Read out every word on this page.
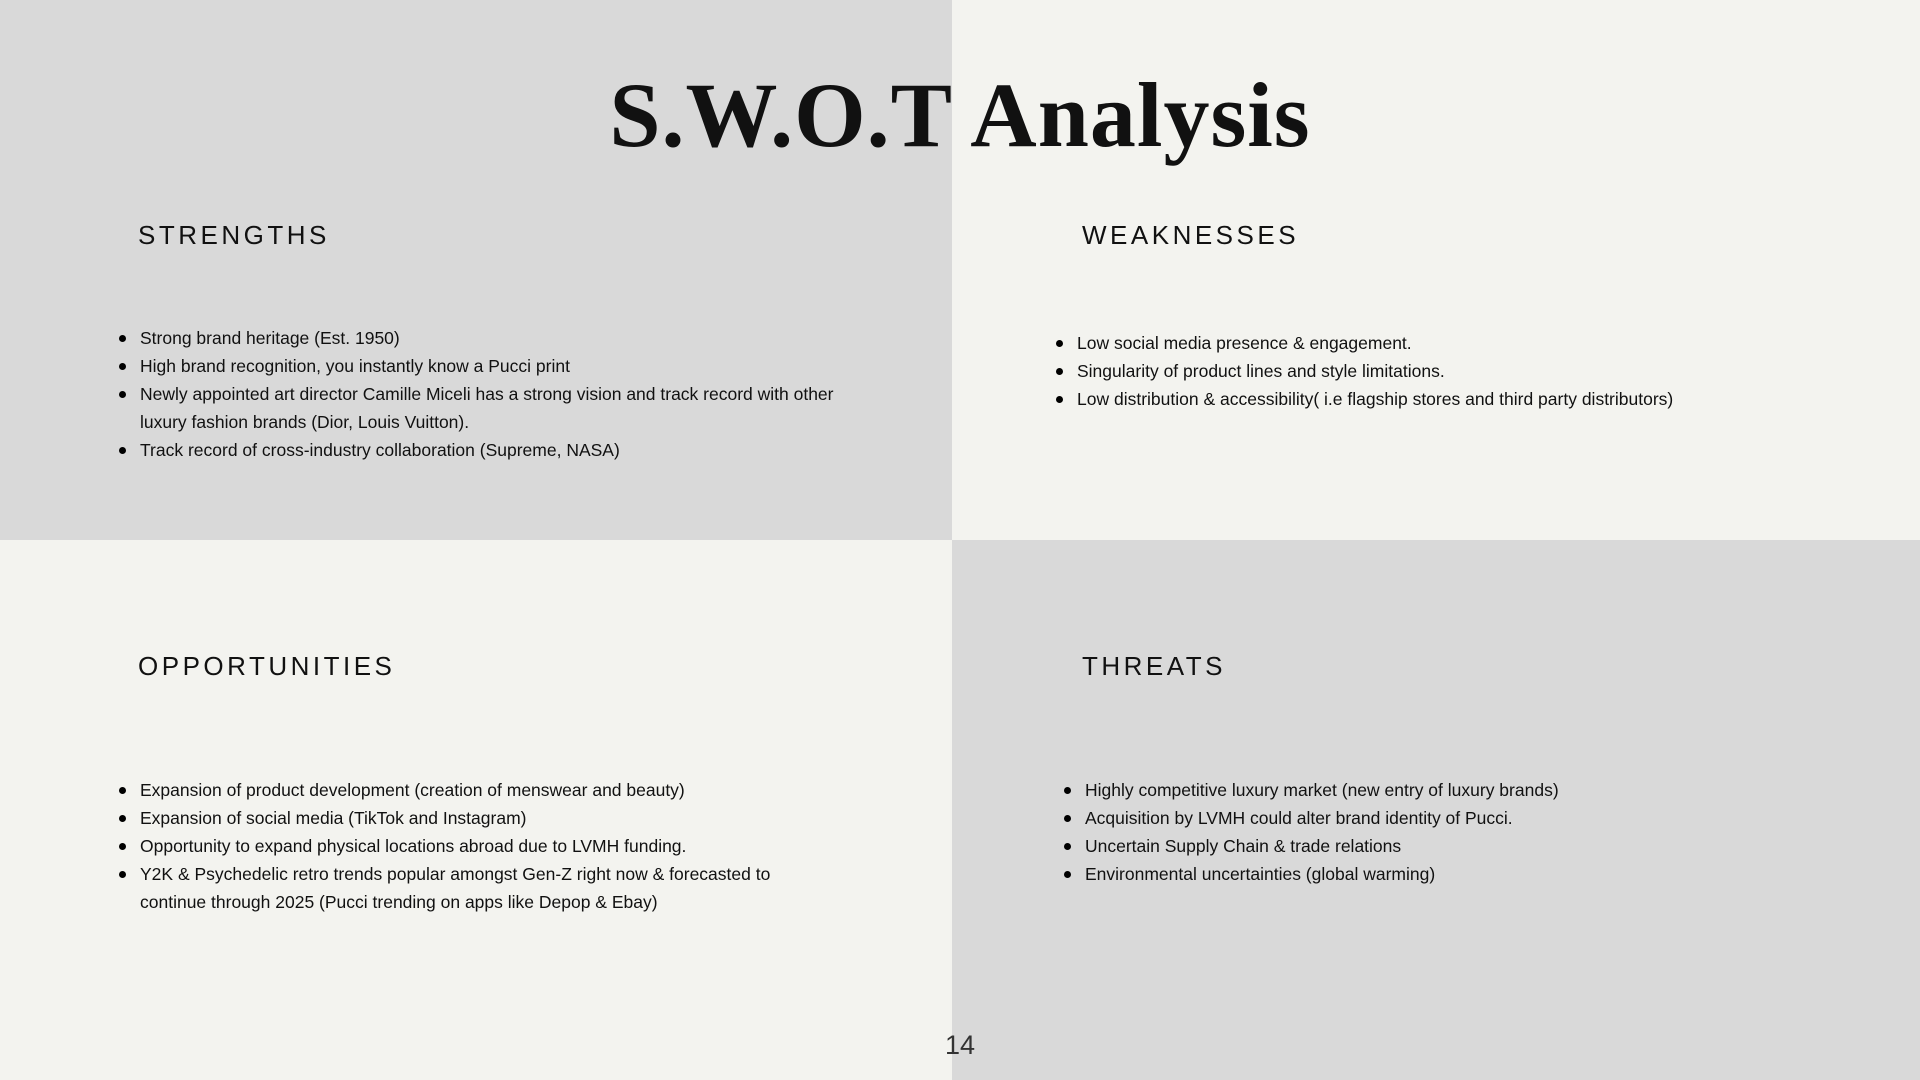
S.W.O.T Analysis
STRENGTHS
Strong brand heritage (Est. 1950)
High brand recognition, you instantly know a Pucci print
Newly appointed art director Camille Miceli has a strong vision and track record with other luxury fashion brands (Dior, Louis Vuitton).
Track record of cross-industry collaboration (Supreme, NASA)
WEAKNESSES
Low social media presence & engagement.
Singularity of product lines and style limitations.
Low distribution & accessibility( i.e flagship stores and third party distributors)
OPPORTUNITIES
Expansion of product development (creation of menswear and beauty)
Expansion of social media (TikTok and Instagram)
Opportunity to expand physical locations abroad due to LVMH funding.
Y2K & Psychedelic retro trends popular amongst Gen-Z right now & forecasted to continue through 2025 (Pucci trending on apps like Depop & Ebay)
THREATS
Highly competitive luxury market (new entry of luxury brands)
Acquisition by LVMH could alter brand identity of Pucci.
Uncertain Supply Chain & trade relations
Environmental uncertainties (global warming)
14
